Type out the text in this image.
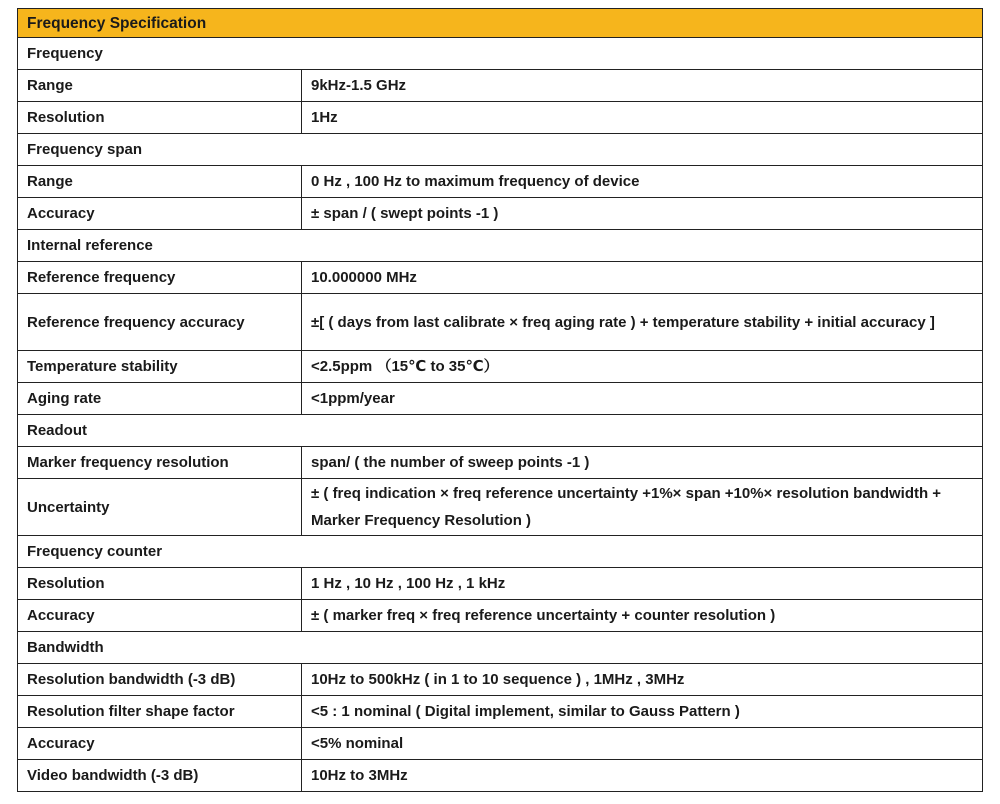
Frequency Specification	
Frequency	
Range	9kHz-1.5 GHz
Resolution	1Hz
Frequency span	
Range	0 Hz , 100 Hz to maximum frequency of device
Accuracy	± span / ( swept points -1 )
Internal reference	
Reference frequency	10.000000 MHz
Reference frequency accuracy	±[ ( days from last calibrate × freq aging rate ) + temperature stability + initial accuracy ]
Temperature stability	<2.5ppm （15℃ to 35℃）
Aging rate	<1ppm/year
Readout	
Marker frequency resolution	span/ ( the number of sweep points -1 )
Uncertainty	± ( freq indication × freq reference uncertainty +1%× span +10%× resolution bandwidth + Marker Frequency Resolution )
Frequency counter	
Resolution	1 Hz , 10 Hz , 100 Hz , 1 kHz
Accuracy	± ( marker freq × freq reference uncertainty + counter resolution )
Bandwidth	
Resolution bandwidth (-3 dB)	10Hz to 500kHz ( in 1 to 10 sequence ) , 1MHz , 3MHz
Resolution filter shape factor	<5 : 1 nominal ( Digital implement, similar to Gauss Pattern )
Accuracy	<5% nominal
Video bandwidth (-3 dB)	10Hz to 3MHz
